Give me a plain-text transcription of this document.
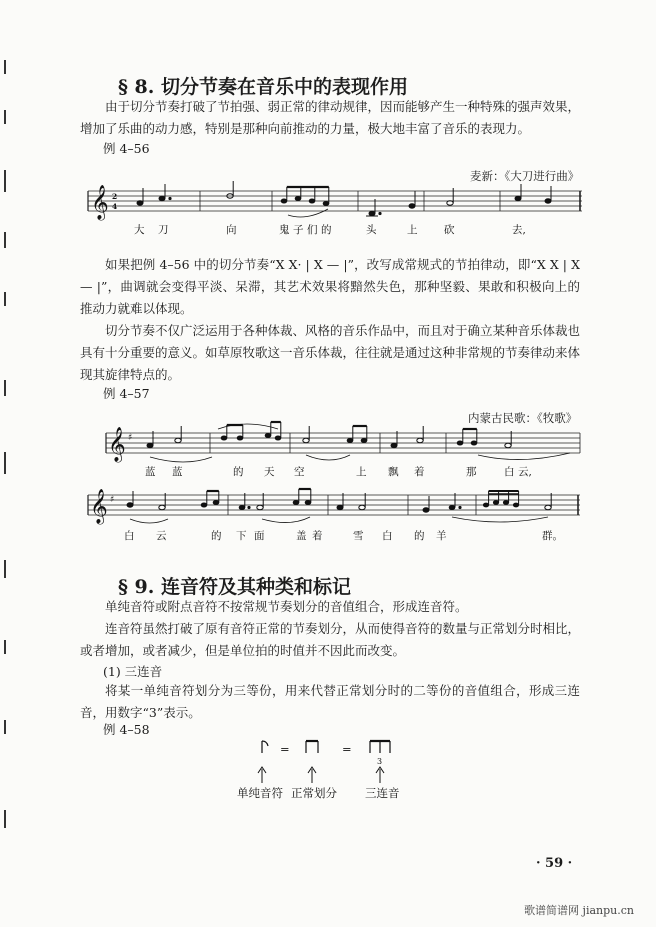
§ 8. 切分节奏在音乐中的表现作用

由于切分节奏打破了节拍强、弱正常的律动规律，因而能够产生一种特殊的强声效果，增加了乐曲的动力感，特别是那种向前推动的力量，极大地丰富了音乐的表现力。

例 4–56
麦新：《大刀进行曲》
𝄞 2
4
大 刀	向	鬼 子 们 的	头	上	砍	去,

如果把例 4–56 中的切分节奏“X X· | X — |”，改写成常规式的节拍律动，即“X X | X — |”，曲调就会变得平淡、呆滞，其艺术效果将黯然失色，那种坚毅、果敢和积极向上的推动力就难以体现。

切分节奏不仅广泛运用于各种体裁、风格的音乐作品中，而且对于确立某种音乐体裁也具有十分重要的意义。如草原牧歌这一音乐体裁，往往就是通过这种非常规的节奏律动来体现其旋律特点的。

例 4–57
内蒙古民歌：《牧歌》
𝄞 ♯
蓝 蓝	的 天 空	上 飘 着	那	白 云,
𝄞 ♯
白 云	的 下 面	盖 着	雪 白 的 羊	群。
§ 9. 连音符及其种类和标记

单纯音符或附点音符不按常规节奏划分的音值组合，形成连音符。

连音符虽然打破了原有音符正常的节奏划分，从而使得音符的数量与正常划分时相比，或者增加，或者减少，但是单位拍的时值并不因此而改变。

(1) 三连音

将某一单纯音符划分为三等份，用来代替正常划分时的二等份的音值组合，形成三连音，用数字“3”表示。

例 4–58
=	=
3
单纯音符 正常划分 三连音
· 59 ·
歌谱简谱网 jianpu.cn
